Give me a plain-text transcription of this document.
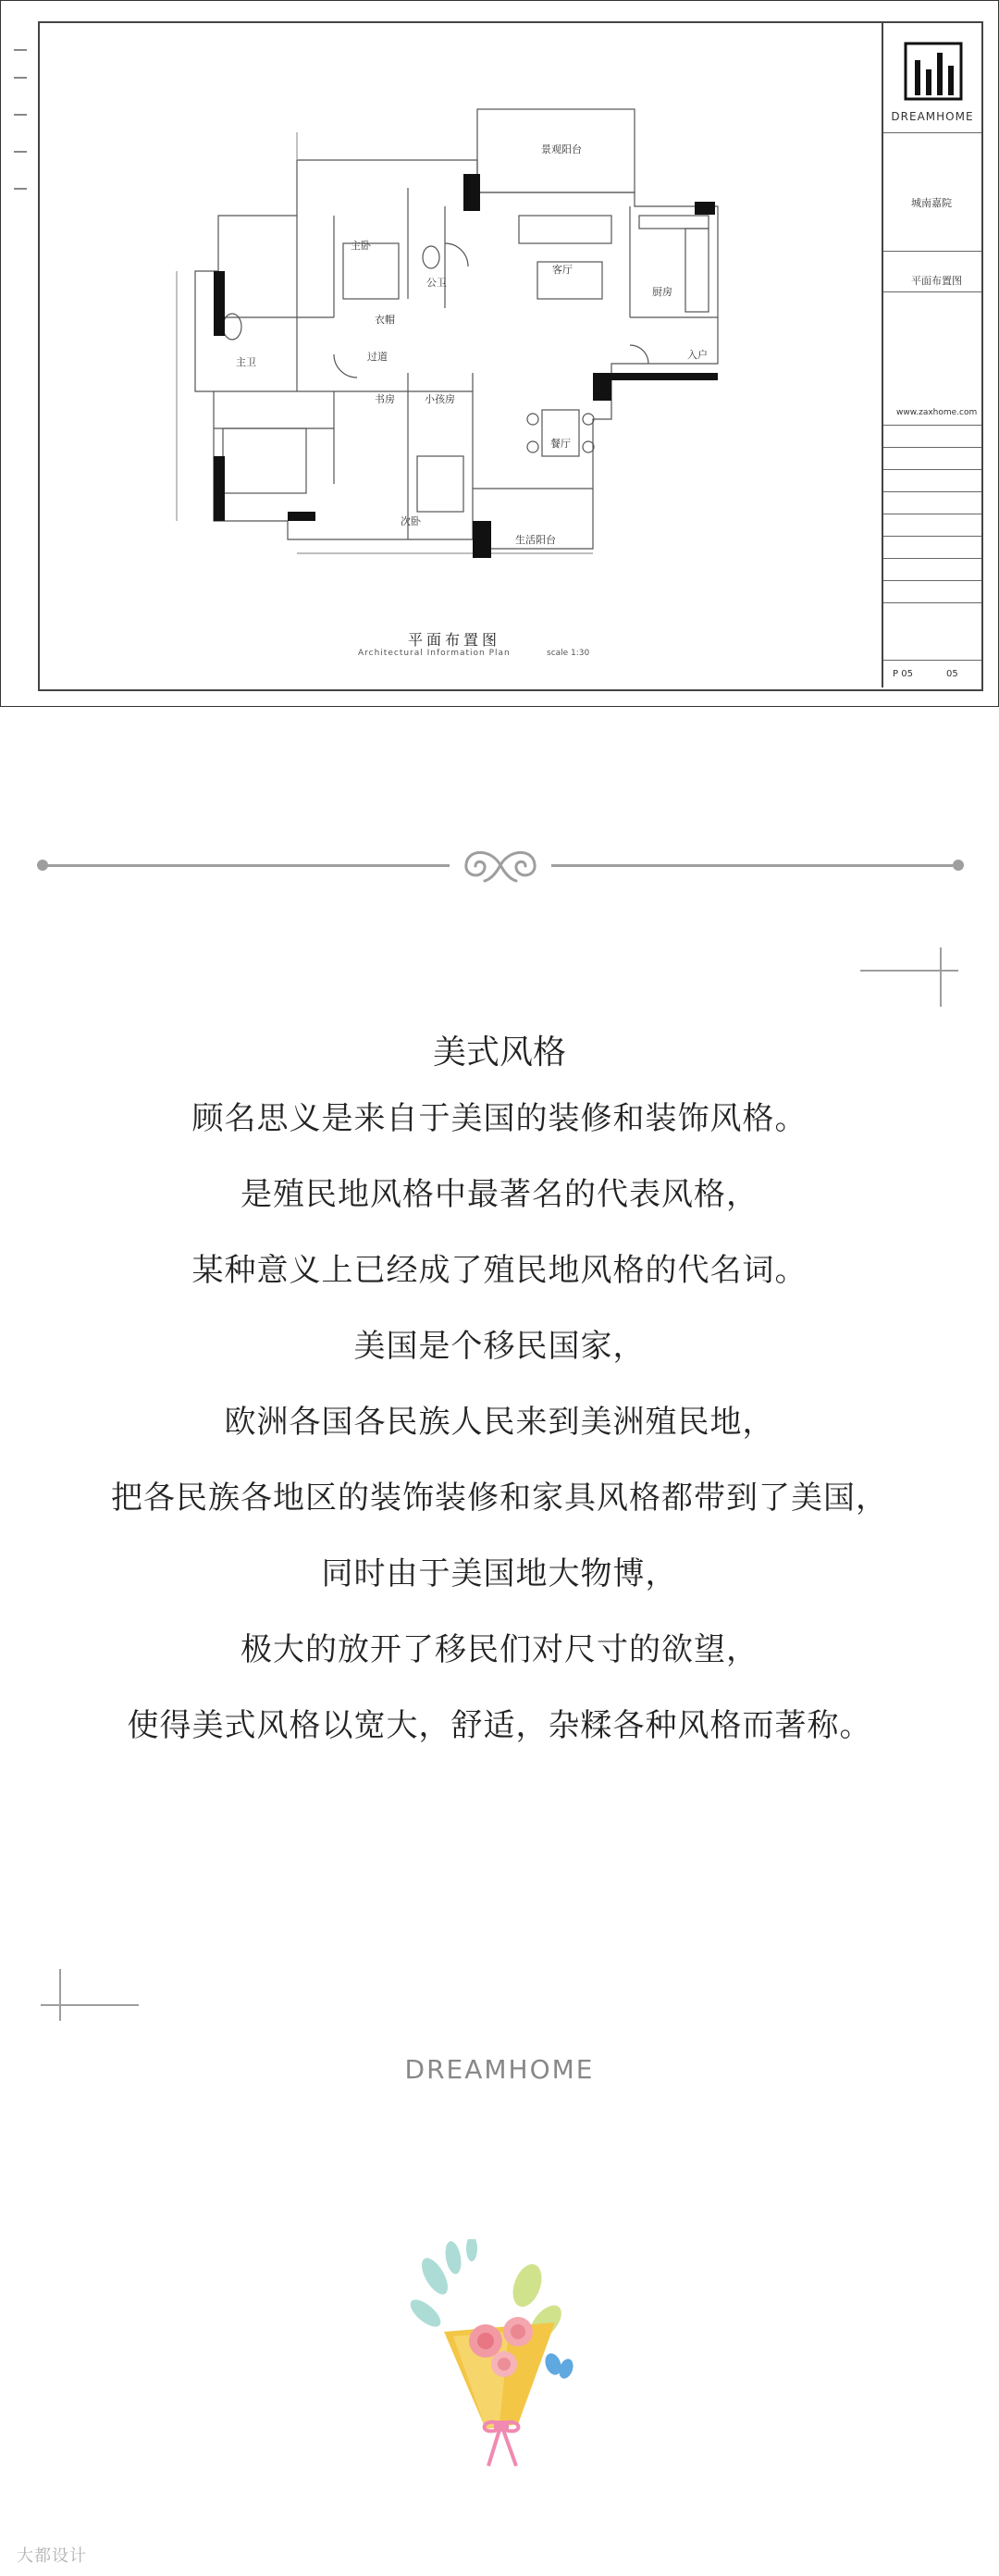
景观阳台
主卧
公卫
客厅
厨房
衣帽
主卫	过道
书房	小孩房
餐厅
次卧
入户
生活阳台
平面布置图
Architectural Information Plan	scale 1:30
DREAMHOME
城南嘉院
平面布置图
www.zaxhome.com
P 05	05
美式风格
顾名思义是来自于美国的装修和装饰风格。
是殖民地风格中最著名的代表风格，
某种意义上已经成了殖民地风格的代名词。
美国是个移民国家，
欧洲各国各民族人民来到美洲殖民地，
把各民族各地区的装饰装修和家具风格都带到了美国，
同时由于美国地大物博，
极大的放开了移民们对尺寸的欲望，
使得美式风格以宽大，舒适，杂糅各种风格而著称。
DREAMHOME
大都设计
